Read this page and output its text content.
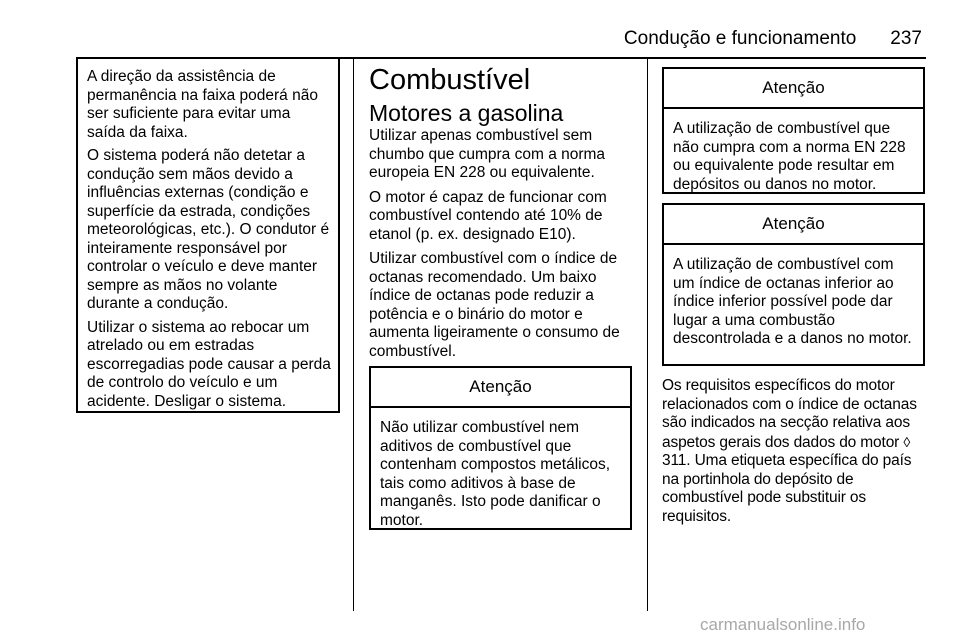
Condução e funcionamento 237

A direção da assistência de permanência na faixa poderá não ser suficiente para evitar uma saída da faixa.

O sistema poderá não detetar a condução sem mãos devido a influências externas (condição e superfície da estrada, condições meteorológicas, etc.). O condutor é inteiramente responsável por controlar o veículo e deve manter sempre as mãos no volante durante a condução.

Utilizar o sistema ao rebocar um atrelado ou em estradas escorregadias pode causar a perda de controlo do veículo e um acidente. Desligar o sistema.

Combustível
Motores a gasolina

Utilizar apenas combustível sem chumbo que cumpra com a norma europeia EN 228 ou equivalente.

O motor é capaz de funcionar com combustível contendo até 10% de etanol (p. ex. designado E10).

Utilizar combustível com o índice de octanas recomendado. Um baixo índice de octanas pode reduzir a potência e o binário do motor e aumenta ligeiramente o consumo de combustível.

Atenção

Não utilizar combustível nem aditivos de combustível que contenham compostos metálicos, tais como aditivos à base de manganês. Isto pode danificar o motor.

Atenção

A utilização de combustível que não cumpra com a norma EN 228 ou equivalente pode resultar em depósitos ou danos no motor.

Atenção

A utilização de combustível com um índice de octanas inferior ao índice inferior possível pode dar lugar a uma combustão descontrolada e a danos no motor.

Os requisitos específicos do motor relacionados com o índice de octanas são indicados na secção relativa aos aspetos gerais dos dados do motor ◊ 311. Uma etiqueta específica do país na portinhola do depósito de combustível pode substituir os requisitos.

carmanualsonline.info
